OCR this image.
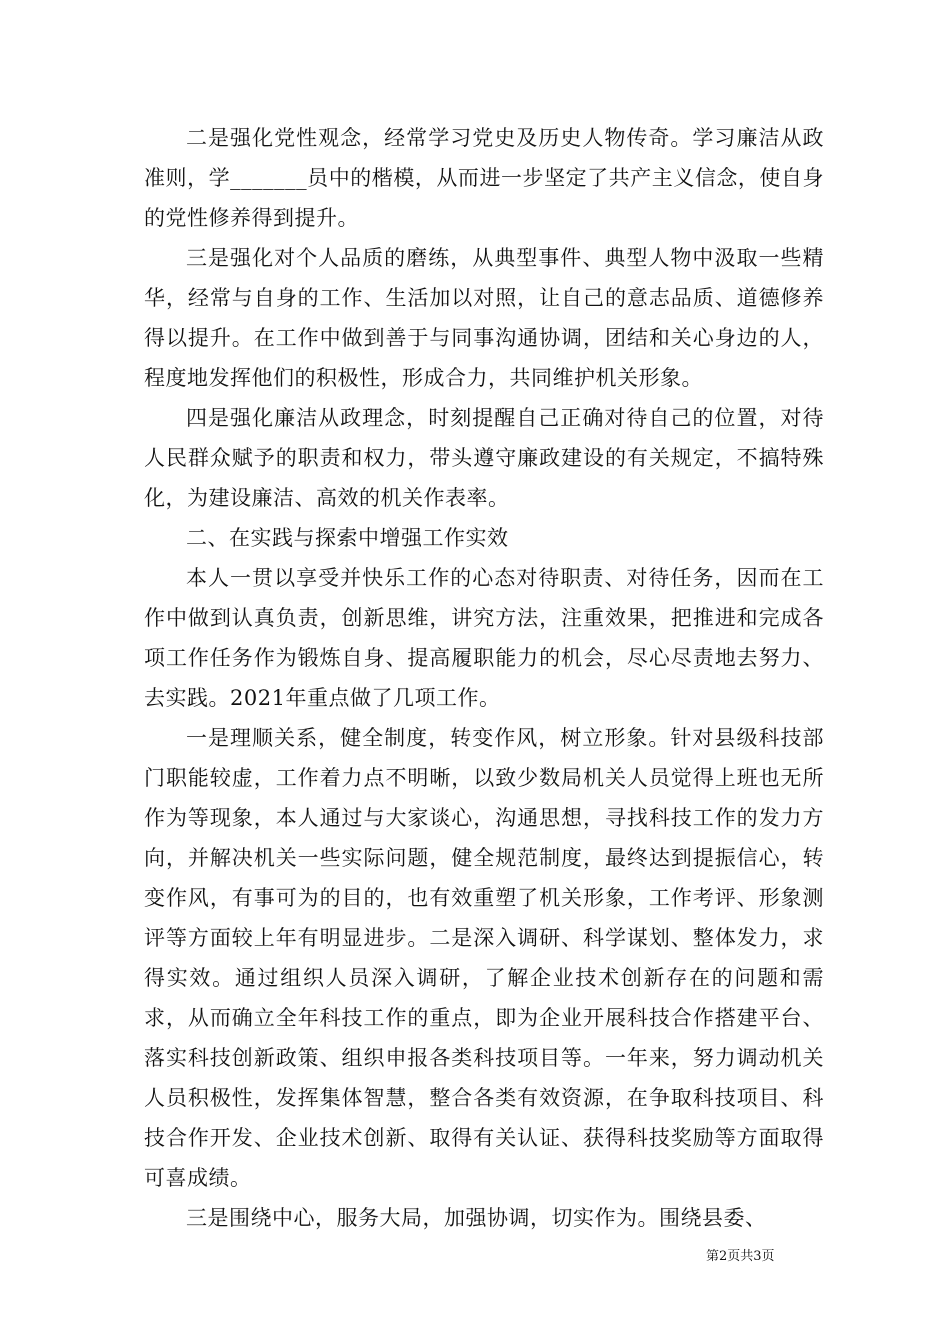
二是强化党性观念，经常学习党史及历史人物传奇。学习廉洁从政准则，学_______员中的楷模，从而进一步坚定了共产主义信念，使自身的党性修养得到提升。

三是强化对个人品质的磨练，从典型事件、典型人物中汲取一些精华，经常与自身的工作、生活加以对照，让自己的意志品质、道德修养得以提升。在工作中做到善于与同事沟通协调，团结和关心身边的人，程度地发挥他们的积极性，形成合力，共同维护机关形象。

四是强化廉洁从政理念，时刻提醒自己正确对待自己的位置，对待人民群众赋予的职责和权力，带头遵守廉政建设的有关规定，不搞特殊化，为建设廉洁、高效的机关作表率。

二、在实践与探索中增强工作实效

本人一贯以享受并快乐工作的心态对待职责、对待任务，因而在工作中做到认真负责，创新思维，讲究方法，注重效果，把推进和完成各项工作任务作为锻炼自身、提高履职能力的机会，尽心尽责地去努力、去实践。2021年重点做了几项工作。

一是理顺关系，健全制度，转变作风，树立形象。针对县级科技部门职能较虚，工作着力点不明晰，以致少数局机关人员觉得上班也无所作为等现象，本人通过与大家谈心，沟通思想，寻找科技工作的发力方向，并解决机关一些实际问题，健全规范制度，最终达到提振信心，转变作风，有事可为的目的，也有效重塑了机关形象，工作考评、形象测评等方面较上年有明显进步。二是深入调研、科学谋划、整体发力，求得实效。通过组织人员深入调研，了解企业技术创新存在的问题和需求，从而确立全年科技工作的重点，即为企业开展科技合作搭建平台、落实科技创新政策、组织申报各类科技项目等。一年来，努力调动机关人员积极性，发挥集体智慧，整合各类有效资源，在争取科技项目、科技合作开发、企业技术创新、取得有关认证、获得科技奖励等方面取得可喜成绩。

三是围绕中心，服务大局，加强协调，切实作为。围绕县委、

第2页共3页
